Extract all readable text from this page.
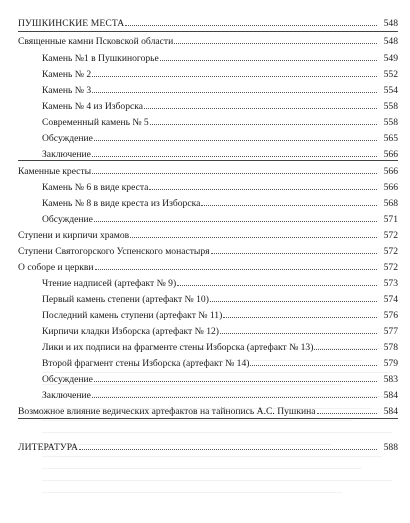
ПУШКИНСКИЕ МЕСТА	548
Священные камни Псковской области	548
Камень №1 в Пушкиногорье	549
Камень № 2	552
Камень № 3	554
Камень № 4 из Изборска	558
Современный камень № 5	558
Обсуждение	565
Заключение	566
Каменные кресты	566
Камень № 6 в виде креста	566
Камень № 8 в виде креста из Изборска	568
Обсуждение	571
Ступени и кирпичи храмов	572
Ступени Святогорского Успенского монастыря	572
О соборе и церкви	572
Чтение надписей (артефакт № 9)	573
Первый камень степени (артефакт № 10)	574
Последний камень ступени (артефакт № 11)	576
Кирпичи кладки Изборска (артефакт № 12)	577
Лики и их подписи на фрагменте стены Изборска (артефакт № 13)	578
Второй фрагмент стены Изборска (артефакт № 14)	579
Обсуждение	583
Заключение	584
Возможное влияние ведических артефактов на тайнопись А.С. Пушкина	584
ЛИТЕРАТУРА	588
